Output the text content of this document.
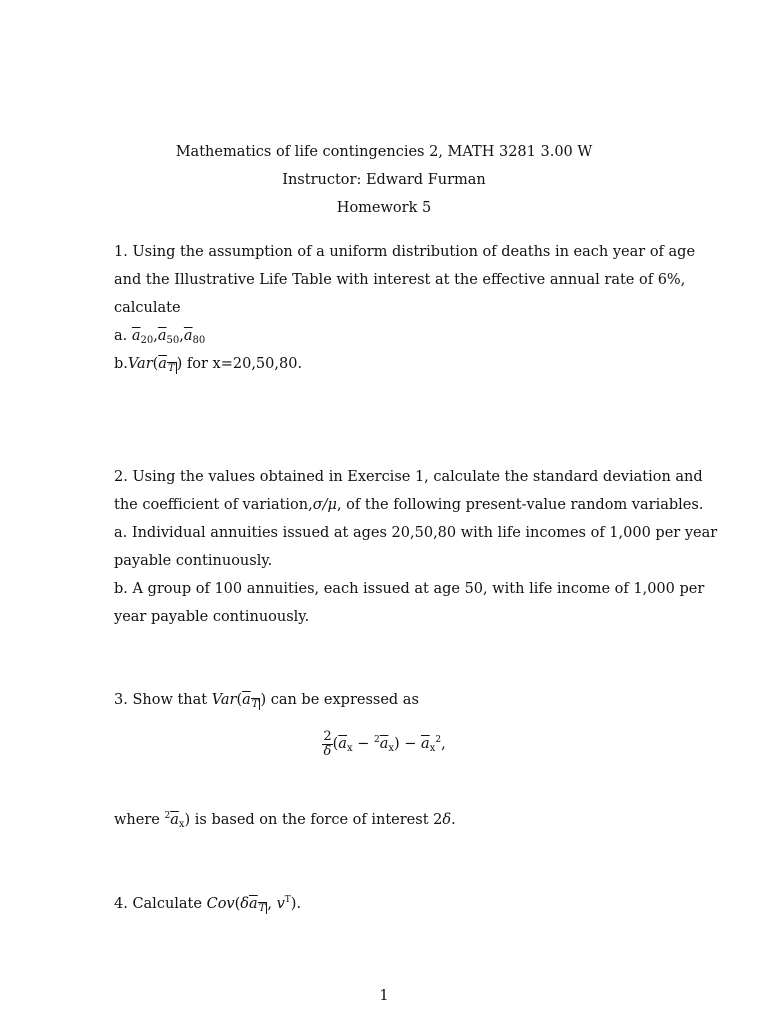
Mathematics of life contingencies 2, MATH 3281 3.00 W
Instructor: Edward Furman
Homework 5
1. Using the assumption of a uniform distribution of deaths in each year of age
and the Illustrative Life Table with interest at the effective annual rate of 6%,
calculate
a. $\overline{a}_{20},\overline{a}_{50},\overline{a}_{80}$
$b.Var(\overline{a}_T$ ) for x=20,50,80.
2. Using the values obtained in Exercise 1, calculate the standard deviation and
the coefficient of variation,σ/μ, of the following present-value random variables.
a. Individual annuities issued at ages 20,50,80 with life incomes of 1,000 per year
payable continuously.
b. A group of 100 annuities, each issued at age 50, with life income of 1,000 per
year payable continuously.
3. Show that $Var(\overline{a}_T$ ) can be expressed as
$\frac{2}{\delta} (\overline{a}_x - ^2\overline{a}_x) - \overline{a}_x^2$,
where $^2\overline{a}_x$) is based on the force of interest 2δ.
4. Calculate $Cov(\delta\overline{a}_T$ , $v^T$).
1
